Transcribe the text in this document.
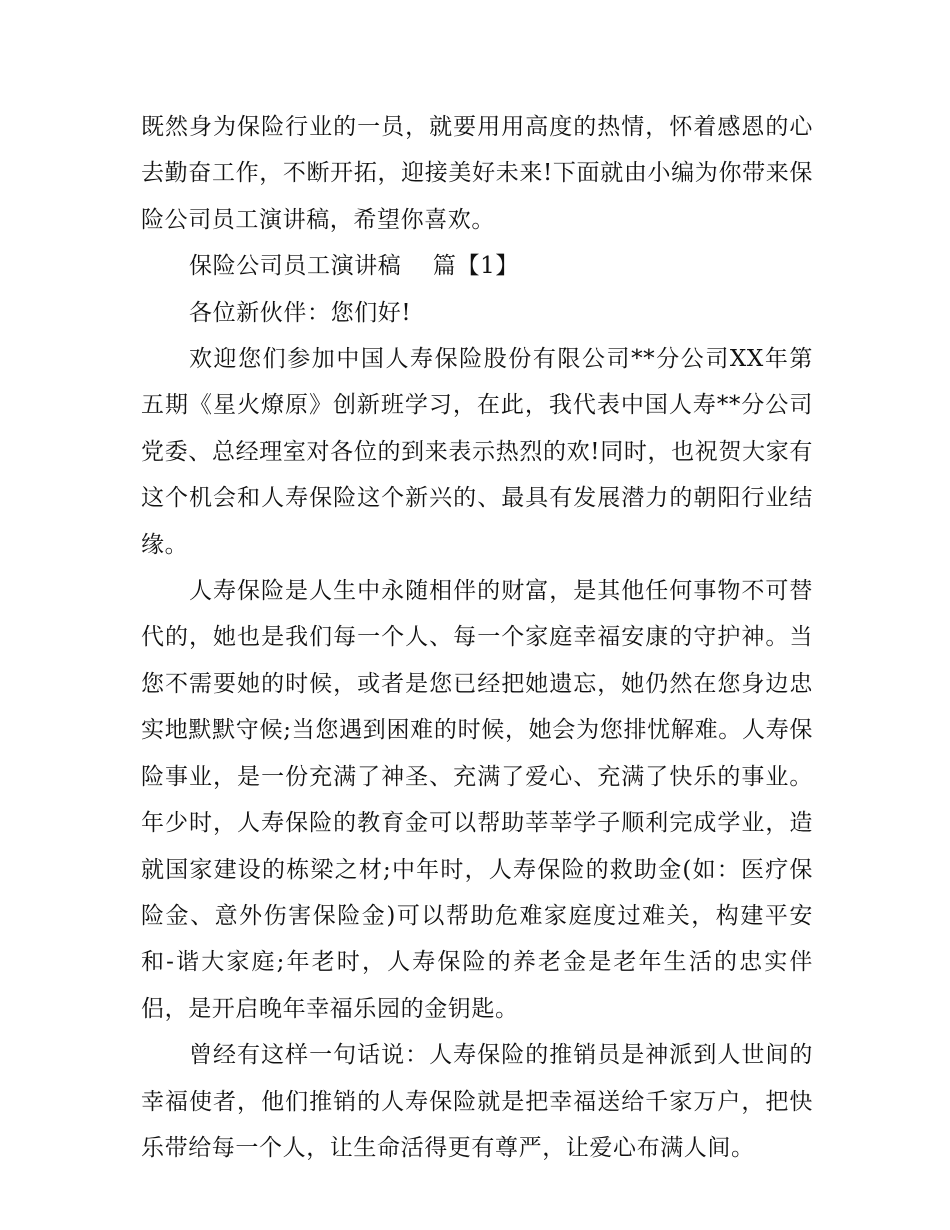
既然身为保险行业的一员，就要用用高度的热情，怀着感恩的心去勤奋工作，不断开拓，迎接美好未来!下面就由小编为你带来保险公司员工演讲稿，希望你喜欢。

保险公司员工演讲稿　 篇【1】

各位新伙伴：您们好!

欢迎您们参加中国人寿保险股份有限公司**分公司XX年第五期《星火燎原》创新班学习，在此，我代表中国人寿**分公司党委、总经理室对各位的到来表示热烈的欢!同时，也祝贺大家有这个机会和人寿保险这个新兴的、最具有发展潜力的朝阳行业结缘。

人寿保险是人生中永随相伴的财富，是其他任何事物不可替代的，她也是我们每一个人、每一个家庭幸福安康的守护神。当您不需要她的时候，或者是您已经把她遗忘，她仍然在您身边忠实地默默守候;当您遇到困难的时候，她会为您排忧解难。人寿保险事业，是一份充满了神圣、充满了爱心、充满了快乐的事业。年少时，人寿保险的教育金可以帮助莘莘学子顺利完成学业，造就国家建设的栋梁之材;中年时，人寿保险的救助金(如：医疗保险金、意外伤害保险金)可以帮助危难家庭度过难关，构建平安和-谐大家庭;年老时，人寿保险的养老金是老年生活的忠实伴侣，是开启晚年幸福乐园的金钥匙。

曾经有这样一句话说：人寿保险的推销员是神派到人世间的幸福使者，他们推销的人寿保险就是把幸福送给千家万户，把快乐带给每一个人，让生命活得更有尊严，让爱心布满人间。
